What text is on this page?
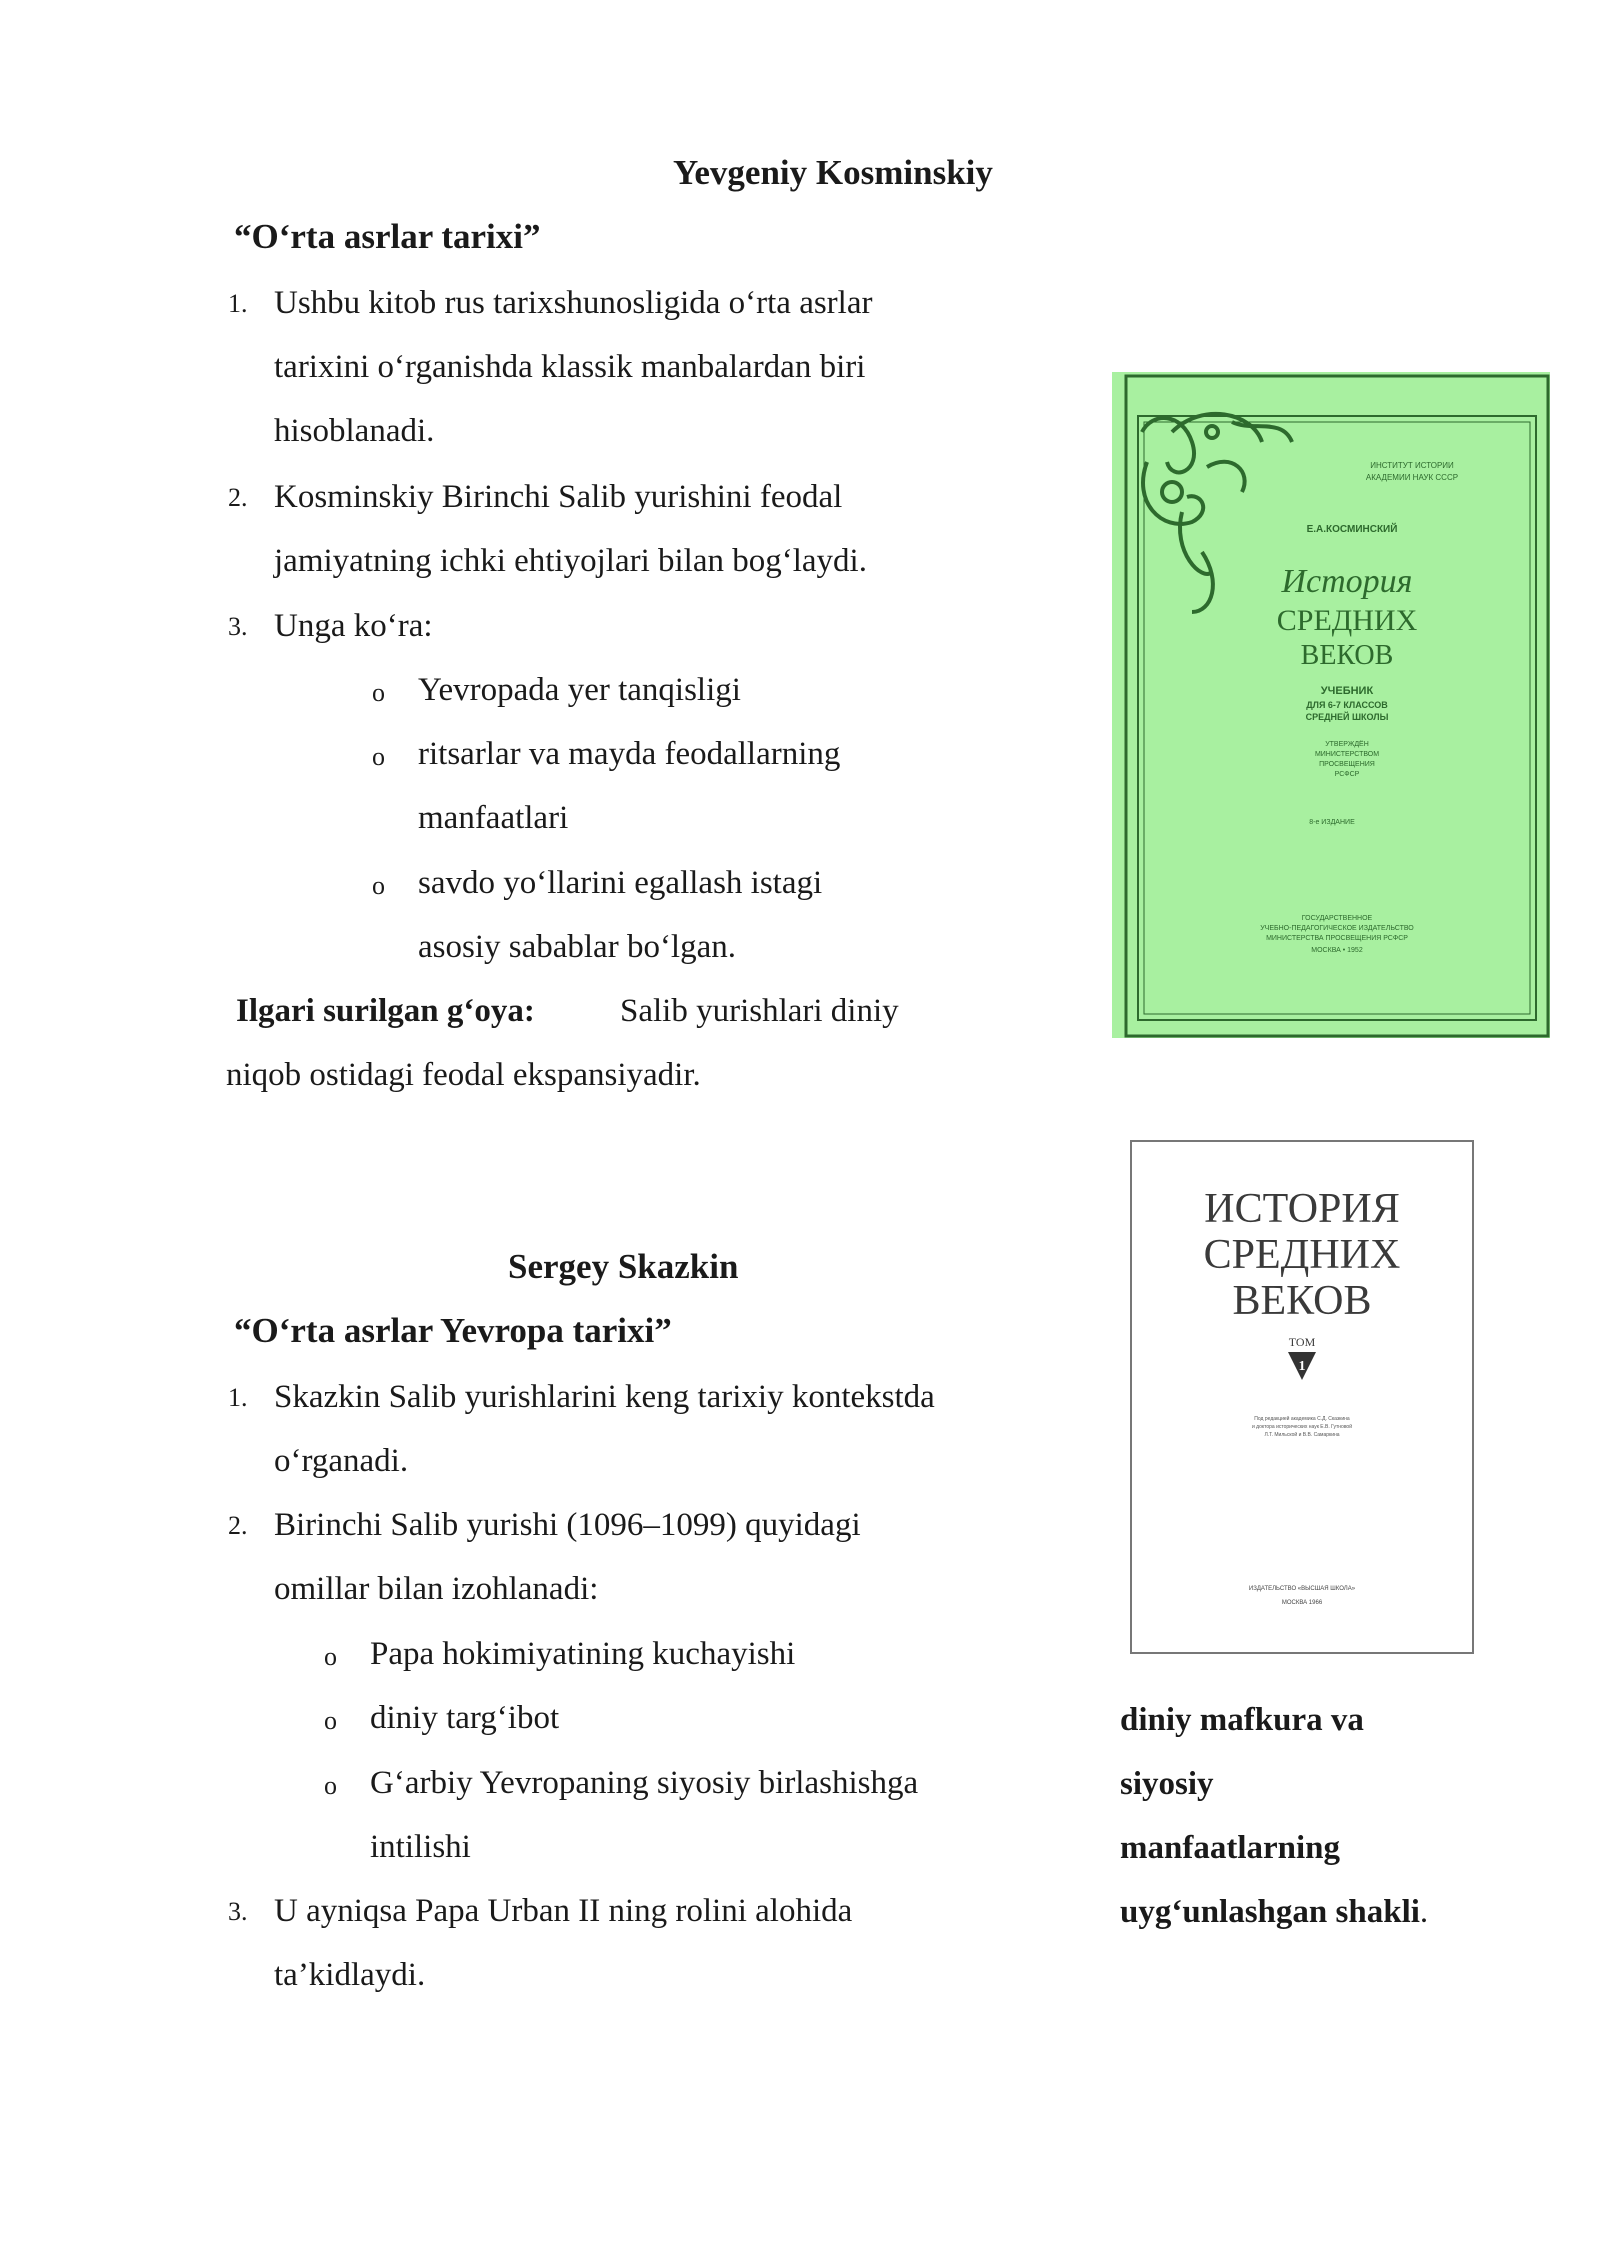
Yevgeniy Kosminskiy
“O‘rta asrlar tarixi”
1. Ushbu kitob rus tarixshunosligida o‘rta asrlar
tarixini o‘rganishda klassik manbalardan biri
hisoblanadi.
2. Kosminskiy Birinchi Salib yurishini feodal
jamiyatning ichki ehtiyojlari bilan bog‘laydi.
3. Unga ko‘ra:
o Yevropada yer tanqisligi
o ritsarlar va mayda feodallarning
manfaatlari
o savdo yo‘llarini egallash istagi
asosiy sabablar bo‘lgan.
Ilgari surilgan g‘oya:	Salib yurishlari diniy
niqob ostidagi feodal ekspansiyadir.
ИНСТИТУТ ИСТОРИИ
АКАДЕМИИ НАУК СССР
Е.А.КОСМИНСКИЙ
История
СРЕДНИХ
ВЕКОВ
УЧЕБНИК
ДЛЯ 6-7 КЛАССОВ
СРЕДНЕЙ ШКОЛЫ
УТВЕРЖДЁН
МИНИСТЕРСТВОМ
ПРОСВЕЩЕНИЯ
РСФСР
8-е ИЗДАНИЕ
ГОСУДАРСТВЕННОЕ
УЧЕБНО-ПЕДАГОГИЧЕСКОЕ ИЗДАТЕЛЬСТВО
МИНИСТЕРСТВА ПРОСВЕЩЕНИЯ РСФСР
МОСКВА • 1952
ИСТОРИЯ
СРЕДНИХ
ВЕКОВ
ТОМ
1
Под редакцией академика С.Д. Сказкина
и доктора исторических наук Е.В. Гутновой
Л.Т. Мильской и В.В. Самаркина
ИЗДАТЕЛЬСТВО «ВЫСШАЯ ШКОЛА»
МОСКВА 1966
Sergey Skazkin
“O‘rta asrlar Yevropa tarixi”
1. Skazkin Salib yurishlarini keng tarixiy kontekstda
o‘rganadi.
2. Birinchi Salib yurishi (1096–1099) quyidagi
omillar bilan izohlanadi:
o Papa hokimiyatining kuchayishi
o diniy targ‘ibot
o G‘arbiy Yevropaning siyosiy birlashishga
intilishi
3. U ayniqsa Papa Urban II ning rolini alohida
ta’kidlaydi.
diniy mafkura va
siyosiy
manfaatlarning
uyg‘unlashgan shakli.
